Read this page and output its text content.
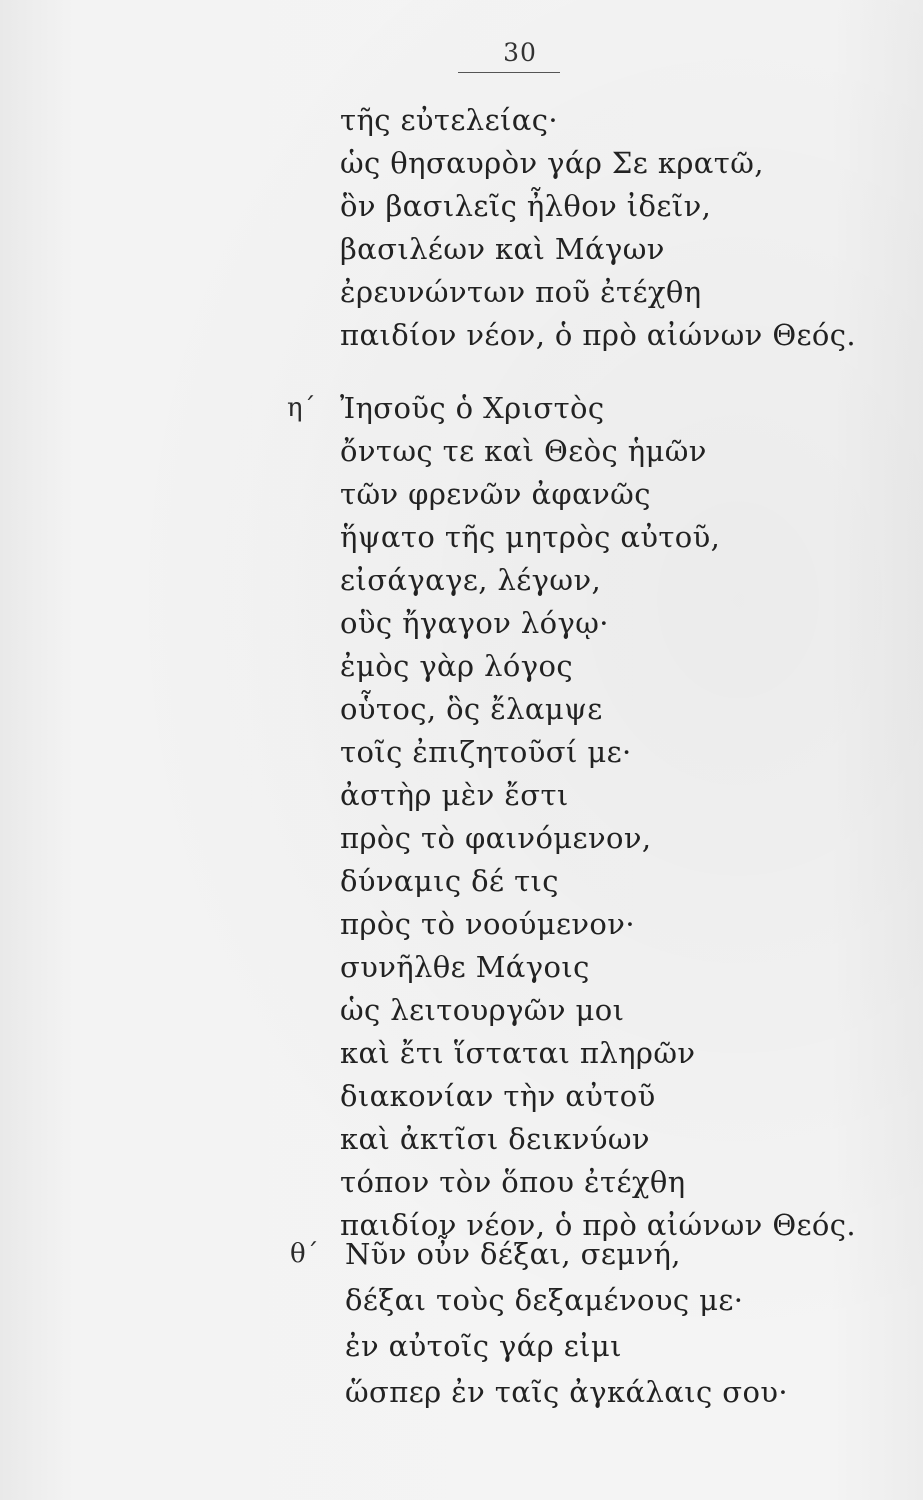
30
τῆς εὐτελείας·
ὡς θησαυρὸν γάρ Σε κρατῶ,
ὃν βασιλεῖς ἦλθον ἰδεῖν,
βασιλέων καὶ Μάγων
ἐρευνώντων ποῦ ἐτέχθη
παιδίον νέον, ὁ πρὸ αἰώνων Θεός.
η΄ Ἰησοῦς ὁ Χριστὸς
ὄντως τε καὶ Θεὸς ἡμῶν
τῶν φρενῶν ἀφανῶς
ἥψατο τῆς μητρὸς αὐτοῦ,
εἰσάγαγε, λέγων,
οὓς ἤγαγον λόγῳ·
ἐμὸς γὰρ λόγος
οὗτος, ὃς ἔλαμψε
τοῖς ἐπιζητοῦσί με·
ἀστὴρ μὲν ἔστι
πρὸς τὸ φαινόμενον,
δύναμις δέ τις
πρὸς τὸ νοούμενον·
συνῆλθε Μάγοις
ὡς λειτουργῶν μοι
καὶ ἔτι ἵσταται πληρῶν
διακονίαν τὴν αὐτοῦ
καὶ ἀκτῖσι δεικνύων
τόπον τὸν ὅπου ἐτέχθη
παιδίον νέον, ὁ πρὸ αἰώνων Θεός.
θ΄ Νῦν οὖν δέξαι, σεμνή,
δέξαι τοὺς δεξαμένους με·
ἐν αὐτοῖς γάρ εἰμι
ὥσπερ ἐν ταῖς ἀγκάλαις σου·
